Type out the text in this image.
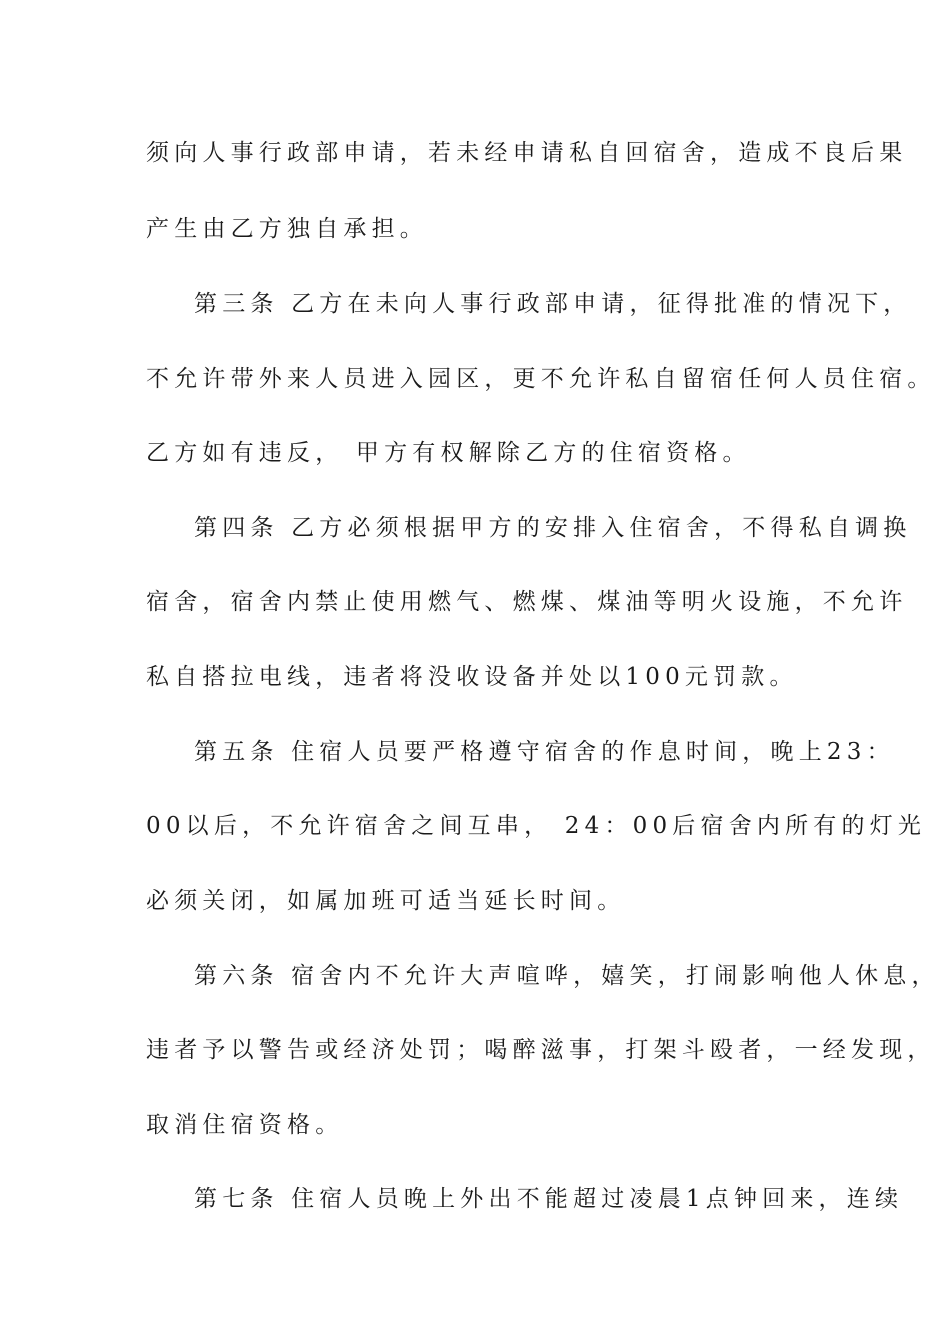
须向人事行政部申请，若未经申请私自回宿舍，造成不良后果
产生由乙方独自承担。
第三条 乙方在未向人事行政部申请，征得批准的情况下，
不允许带外来人员进入园区，更不允许私自留宿任何人员住宿。
乙方如有违反， 甲方有权解除乙方的住宿资格。
第四条 乙方必须根据甲方的安排入住宿舍，不得私自调换
宿舍，宿舍内禁止使用燃气、燃煤、煤油等明火设施，不允许
私自搭拉电线，违者将没收设备并处以100元罚款。
第五条 住宿人员要严格遵守宿舍的作息时间，晚上23：
00以后，不允许宿舍之间互串， 24：00后宿舍内所有的灯光
必须关闭，如属加班可适当延长时间。
第六条 宿舍内不允许大声喧哗，嬉笑，打闹影响他人休息，
违者予以警告或经济处罚；喝醉滋事，打架斗殴者，一经发现，
取消住宿资格。
第七条 住宿人员晚上外出不能超过凌晨1点钟回来，连续
